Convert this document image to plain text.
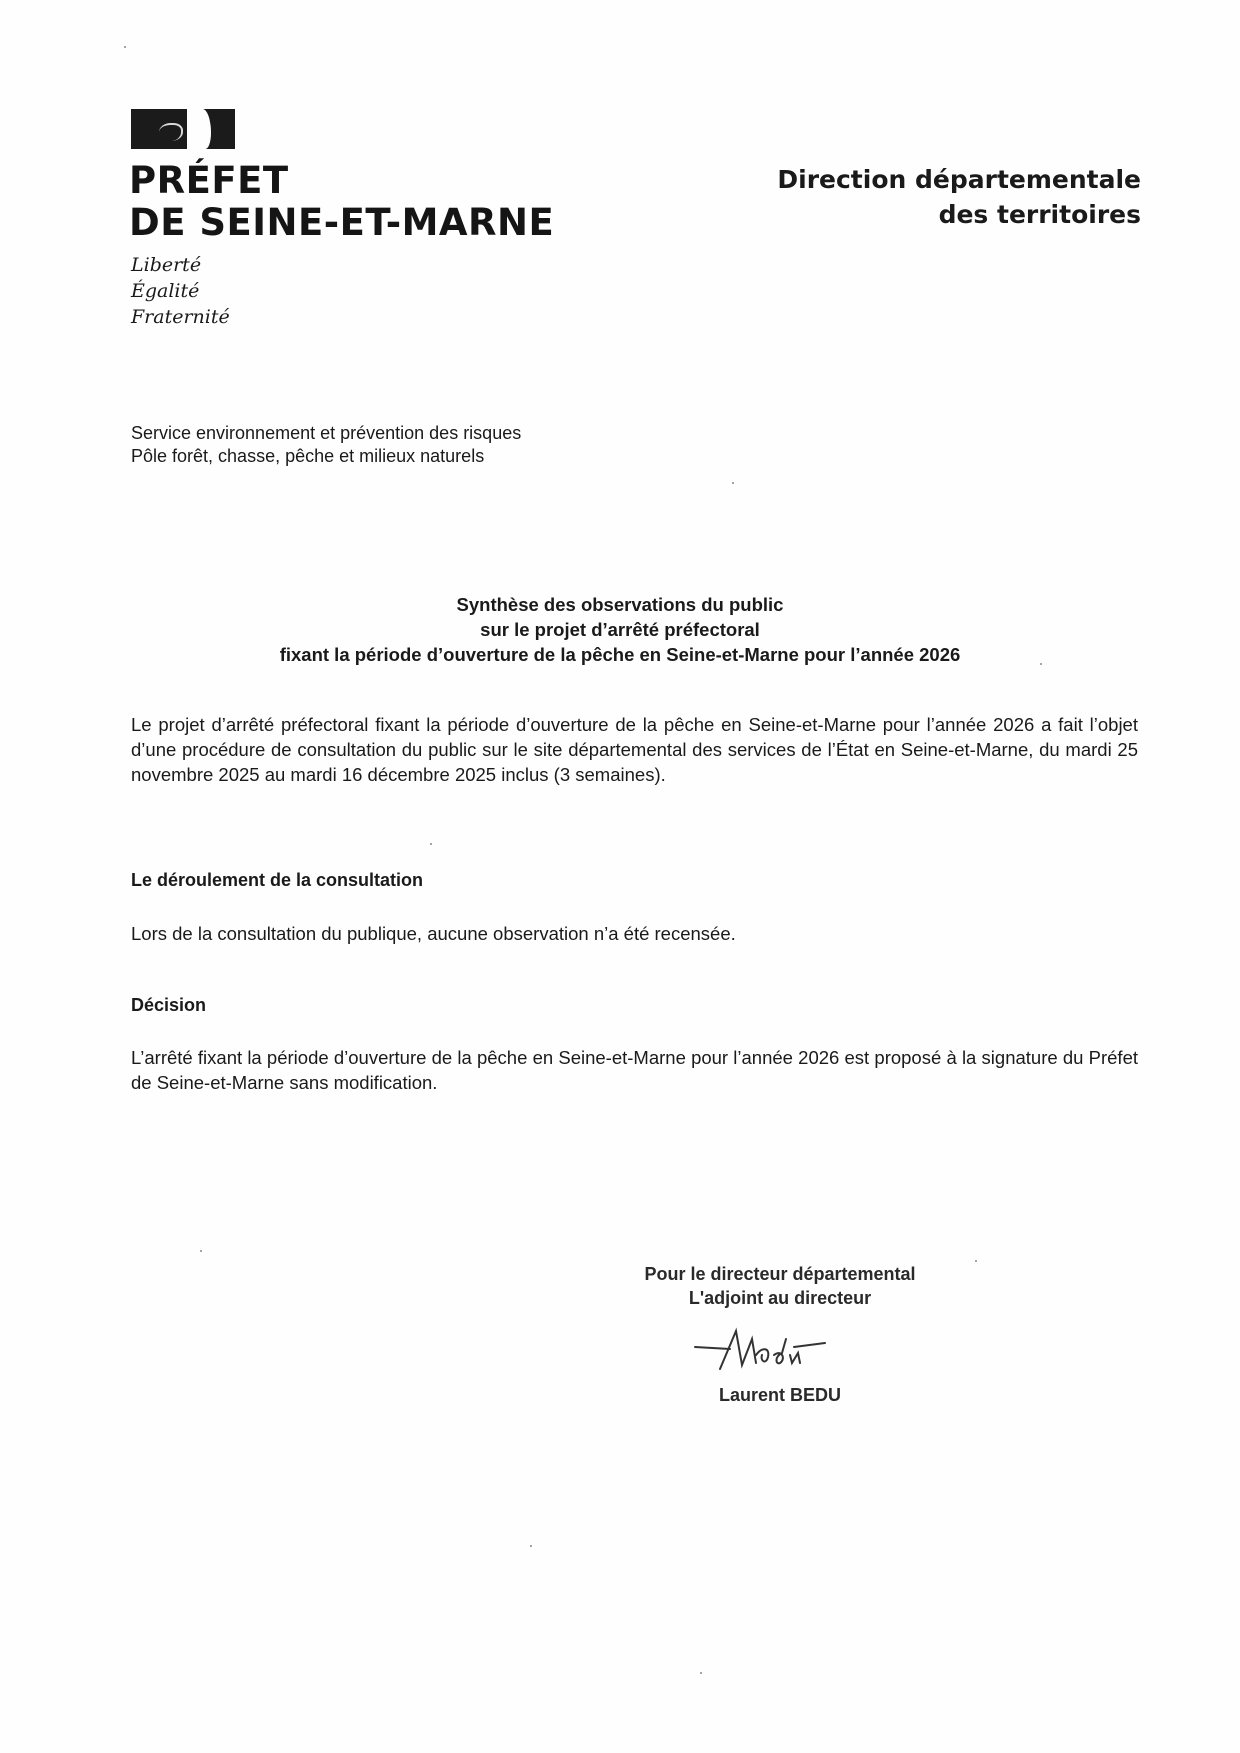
PRÉFET
DE SEINE-ET-MARNE
Liberté
Égalité
Fraternité
Direction départementale
des territoires
Service environnement et prévention des risques
Pôle forêt, chasse, pêche et milieux naturels
Synthèse des observations du public
sur le projet d’arrêté préfectoral
fixant la période d’ouverture de la pêche en Seine-et-Marne pour l’année 2026
Le projet d’arrêté préfectoral fixant la période d’ouverture de la pêche en Seine-et-Marne pour l’année 2026 a fait l’objet d’une procédure de consultation du public sur le site départemental des services de l’État en Seine-et-Marne, du mardi 25 novembre 2025 au mardi 16 décembre 2025 inclus (3 semaines).
Le déroulement de la consultation
Lors de la consultation du publique, aucune observation n’a été recensée.
Décision
L’arrêté fixant la période d’ouverture de la pêche en Seine-et-Marne pour l’année 2026 est proposé à la signature du Préfet de Seine-et-Marne sans modification.
Pour le directeur départemental
L'adjoint au directeur
Laurent BEDU
